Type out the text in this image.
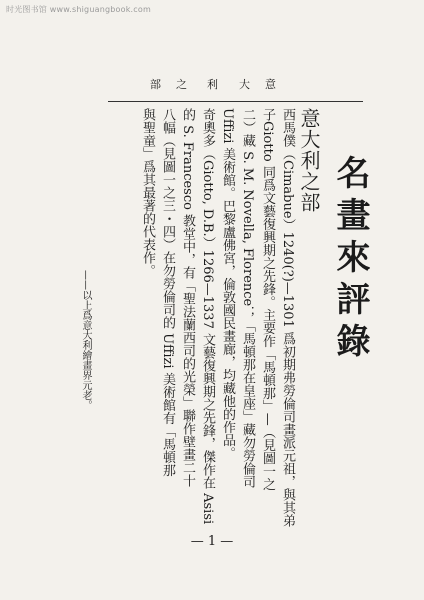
时光图书馆 www.shiguangbook.com
部 之 利 大 意
名畫來評錄
意大利之部
西馬僕（Cimabue）1240(?)—1301 爲初期弗勞倫司畫派元祖，與其弟
子Giotto 同爲文藝復興期之先鋒。主要作「馬頓那」—（見圖一之
二）藏 S. M. Novella, Florence；「馬頓那在皇座」藏勿勞倫司
Uffizi 美術館。巴黎盧佛宮，倫敦國民畫廊，均藏他的作品。
奇奧多（Giotto, D.B.）1266—1337 文藝復興期之先鋒，傑作在 Asisi
的 S. Francesco 教堂中，有「聖法蘭西司的光榮」聯作壁畫二十
八幅（見圖一之三・四）在勿勞倫司的 Uffizi 美術館有「馬頓那
與聖童」爲其最著的代表作。
——以上爲意大利繪畫界元老。
— 1 —
